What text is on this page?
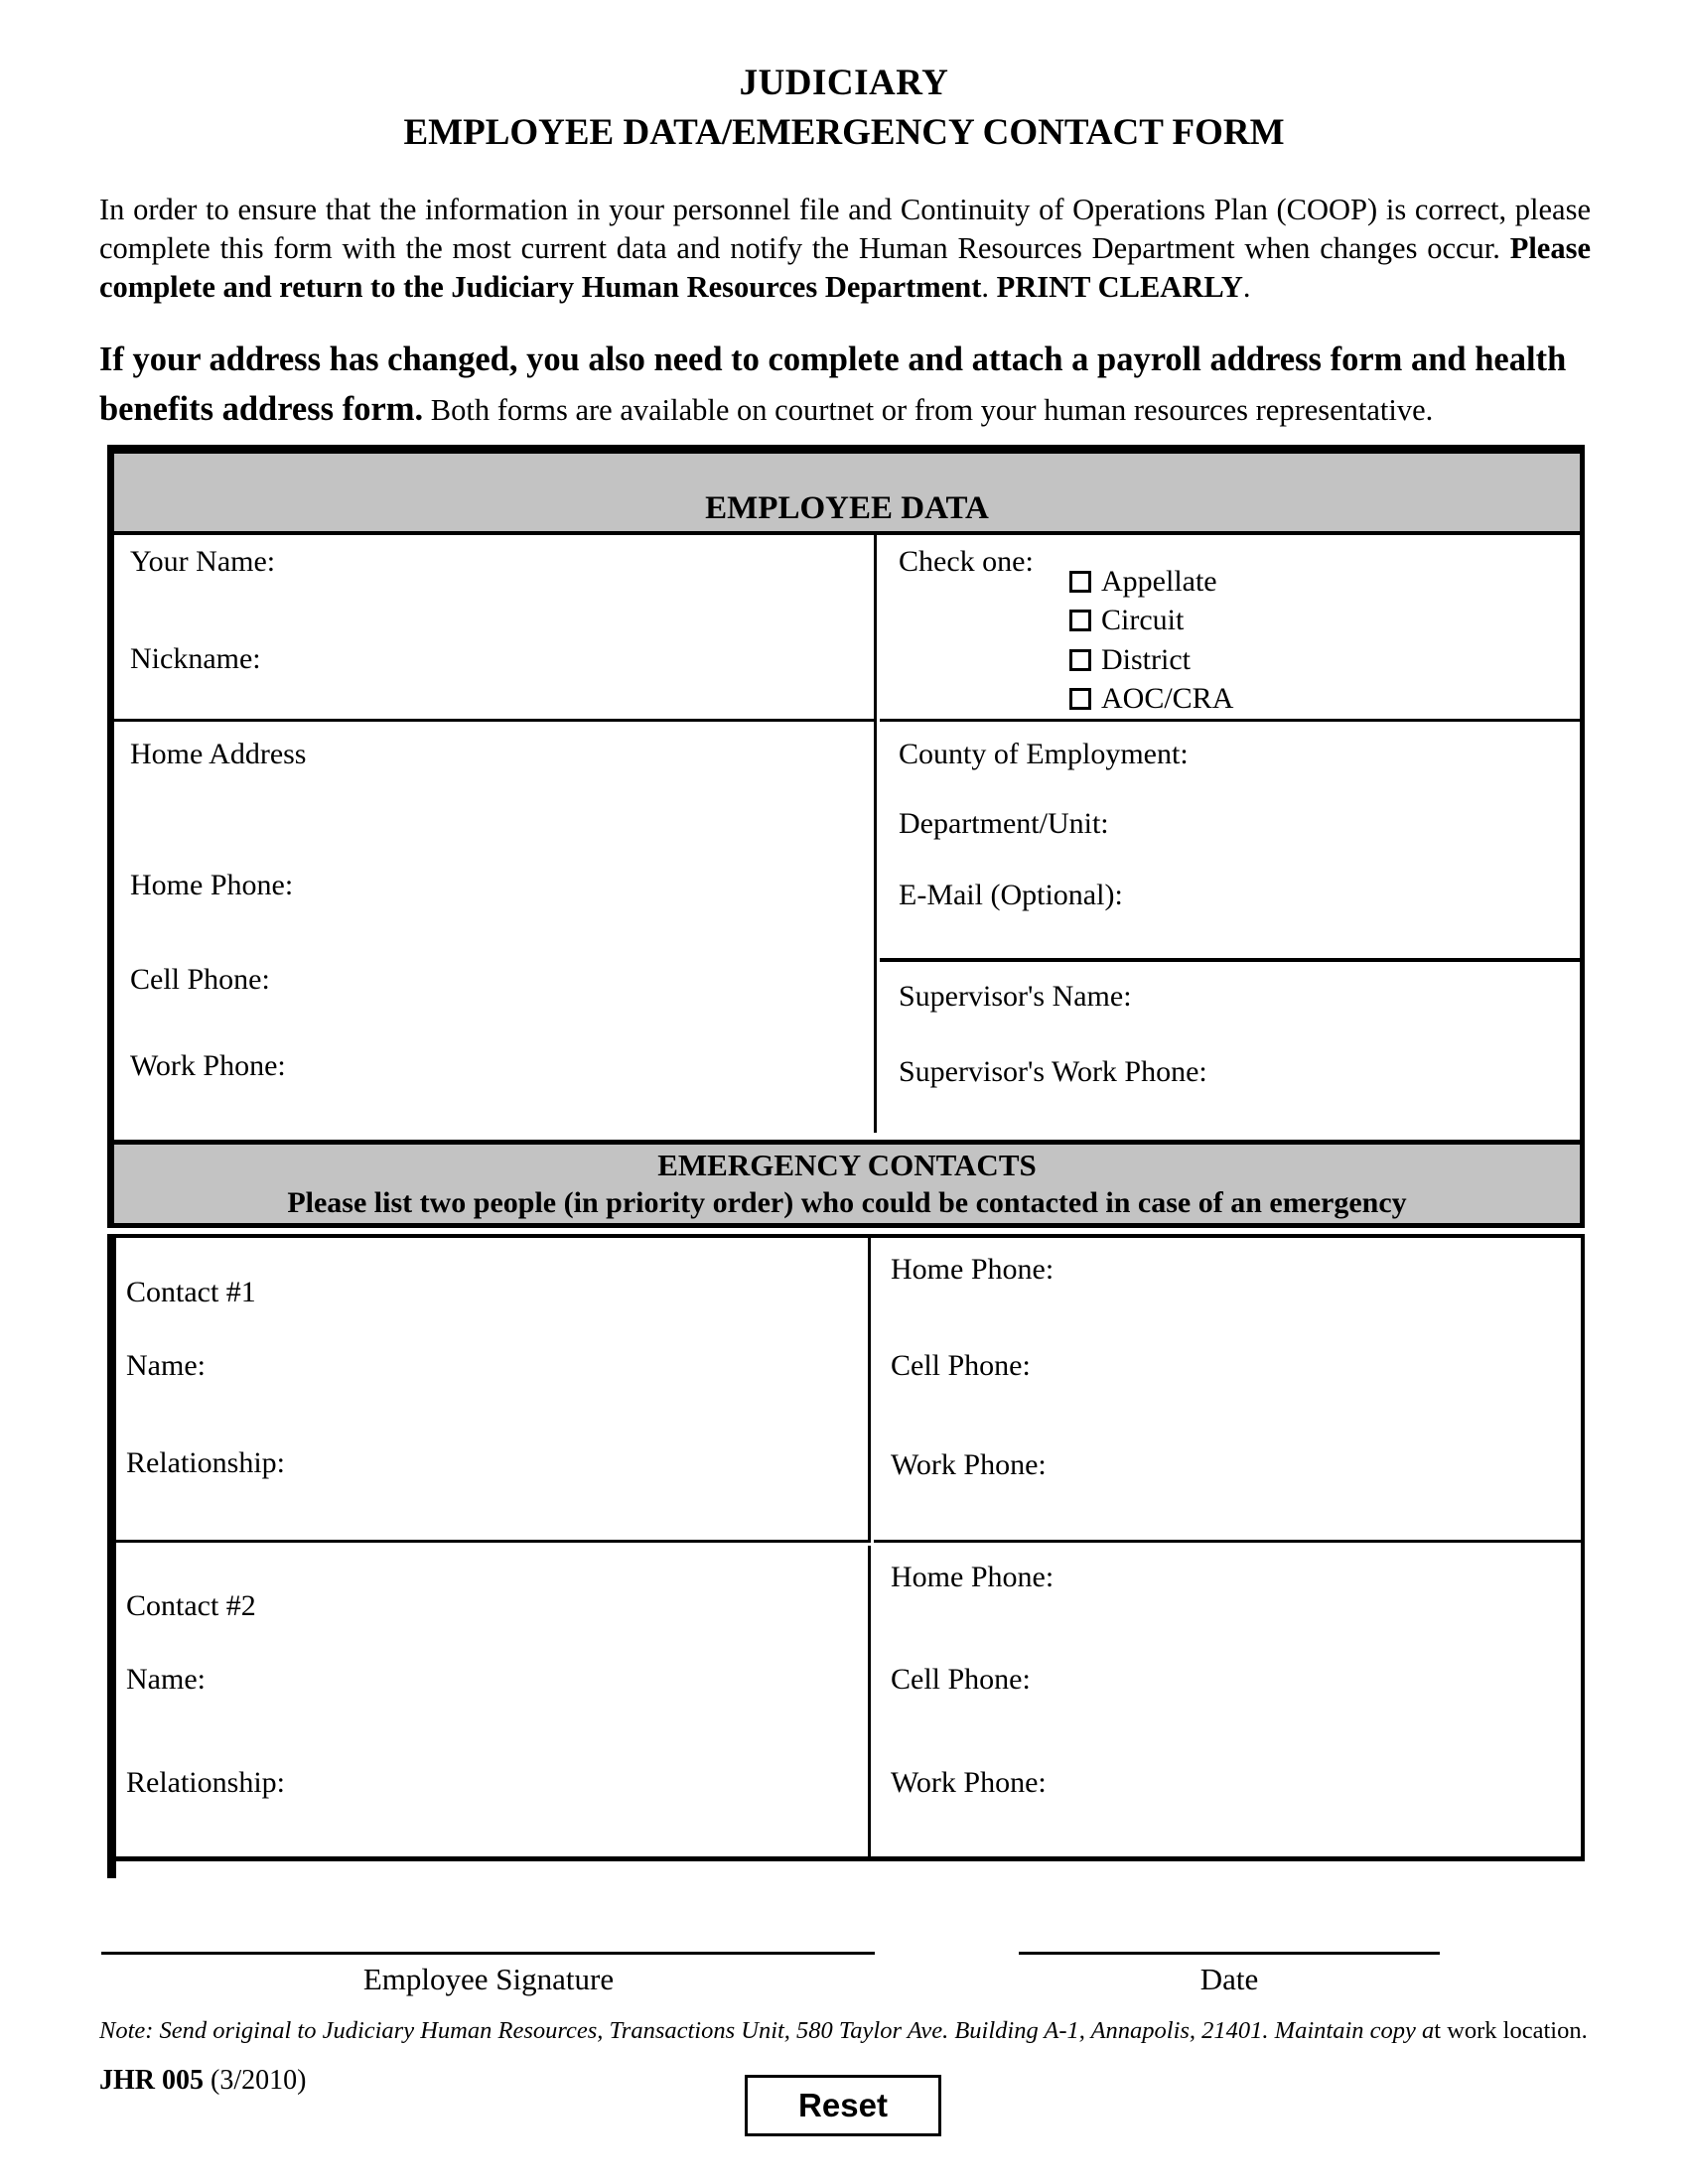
JUDICIARY
EMPLOYEE DATA/EMERGENCY CONTACT FORM
In order to ensure that the information in your personnel file and Continuity of Operations Plan (COOP) is correct, please complete this form with the most current data and notify the Human Resources Department when changes occur. Please complete and return to the Judiciary Human Resources Department. PRINT CLEARLY.
If your address has changed, you also need to complete and attach a payroll address form and health benefits address form. Both forms are available on courtnet or from your human resources representative.
EMPLOYEE DATA
Your Name:
Nickname:
Check one:
Appellate
Circuit
District
AOC/CRA
Home Address
Home Phone:
Cell Phone:
Work Phone:
County of Employment:
Department/Unit:
E-Mail (Optional):
Supervisor's Name:
Supervisor's Work Phone:
EMERGENCY CONTACTS
Please list two people (in priority order) who could be contacted in case of an emergency
Contact #1
Name:
Relationship:
Home Phone:
Cell Phone:
Work Phone:
Contact #2
Name:
Relationship:
Home Phone:
Cell Phone:
Work Phone:
Employee Signature	Date
Note: Send original to Judiciary Human Resources, Transactions Unit, 580 Taylor Ave. Building A-1, Annapolis, 21401. Maintain copy at work location.
JHR 005 (3/2010)
Reset
